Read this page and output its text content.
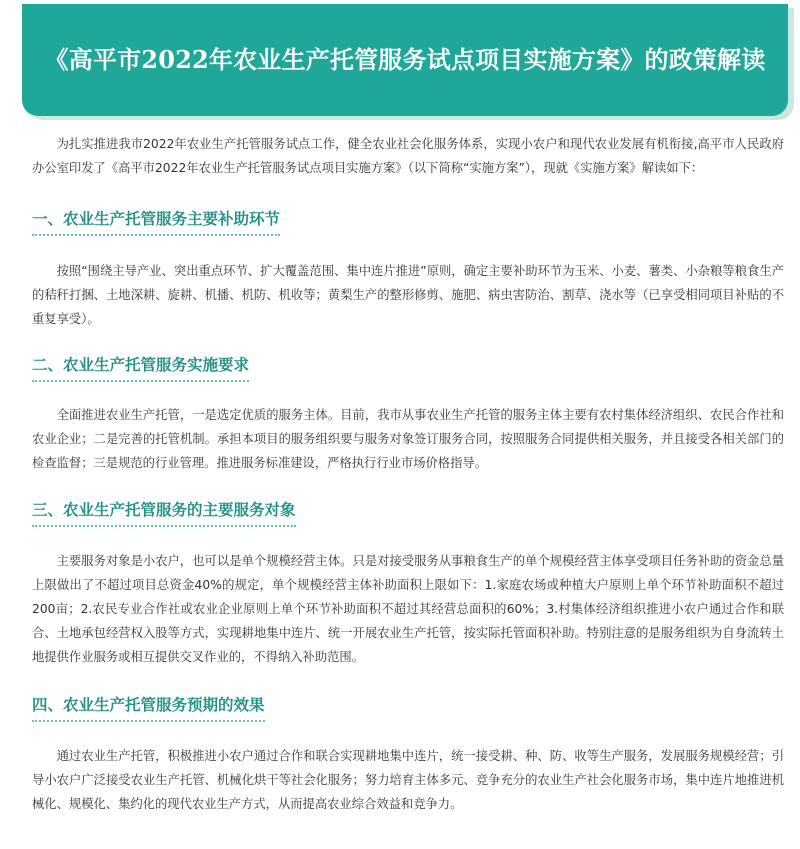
《高平市2022年农业生产托管服务试点项目实施方案》的政策解读

为扎实推进我市2022年农业生产托管服务试点工作，健全农业社会化服务体系，实现小农户和现代农业发展有机衔接,高平市人民政府办公室印发了《高平市2022年农业生产托管服务试点项目实施方案》（以下简称“实施方案”），现就《实施方案》解读如下：

一、农业生产托管服务主要补助环节

按照“围绕主导产业、突出重点环节、扩大覆盖范围、集中连片推进”原则，确定主要补助环节为玉米、小麦、薯类、小杂粮等粮食生产的秸秆打捆、土地深耕、旋耕、机播、机防、机收等；黄梨生产的整形修剪、施肥、病虫害防治、割草、浇水等（已享受相同项目补贴的不重复享受）。

二、农业生产托管服务实施要求

全面推进农业生产托管，一是选定优质的服务主体。目前，我市从事农业生产托管的服务主体主要有农村集体经济组织、农民合作社和农业企业；二是完善的托管机制。承担本项目的服务组织要与服务对象签订服务合同，按照服务合同提供相关服务，并且接受各相关部门的检查监督；三是规范的行业管理。推进服务标准建设，严格执行行业市场价格指导。

三、农业生产托管服务的主要服务对象

主要服务对象是小农户，也可以是单个规模经营主体。只是对接受服务从事粮食生产的单个规模经营主体享受项目任务补助的资金总量上限做出了不超过项目总资金40%的规定，单个规模经营主体补助面积上限如下：1.家庭农场或种植大户原则上单个环节补助面积不超过200亩；2.农民专业合作社或农业企业原则上单个环节补助面积不超过其经营总面积的60%；3.村集体经济组织推进小农户通过合作和联合、土地承包经营权入股等方式，实现耕地集中连片、统一开展农业生产托管，按实际托管面积补助。特别注意的是服务组织为自身流转土地提供作业服务或相互提供交叉作业的，不得纳入补助范围。

四、农业生产托管服务预期的效果

通过农业生产托管，积极推进小农户通过合作和联合实现耕地集中连片，统一接受耕、种、防、收等生产服务，发展服务规模经营；引导小农户广泛接受农业生产托管、机械化烘干等社会化服务；努力培育主体多元、竞争充分的农业生产社会化服务市场，集中连片地推进机械化、规模化、集约化的现代农业生产方式，从而提高农业综合效益和竞争力。
